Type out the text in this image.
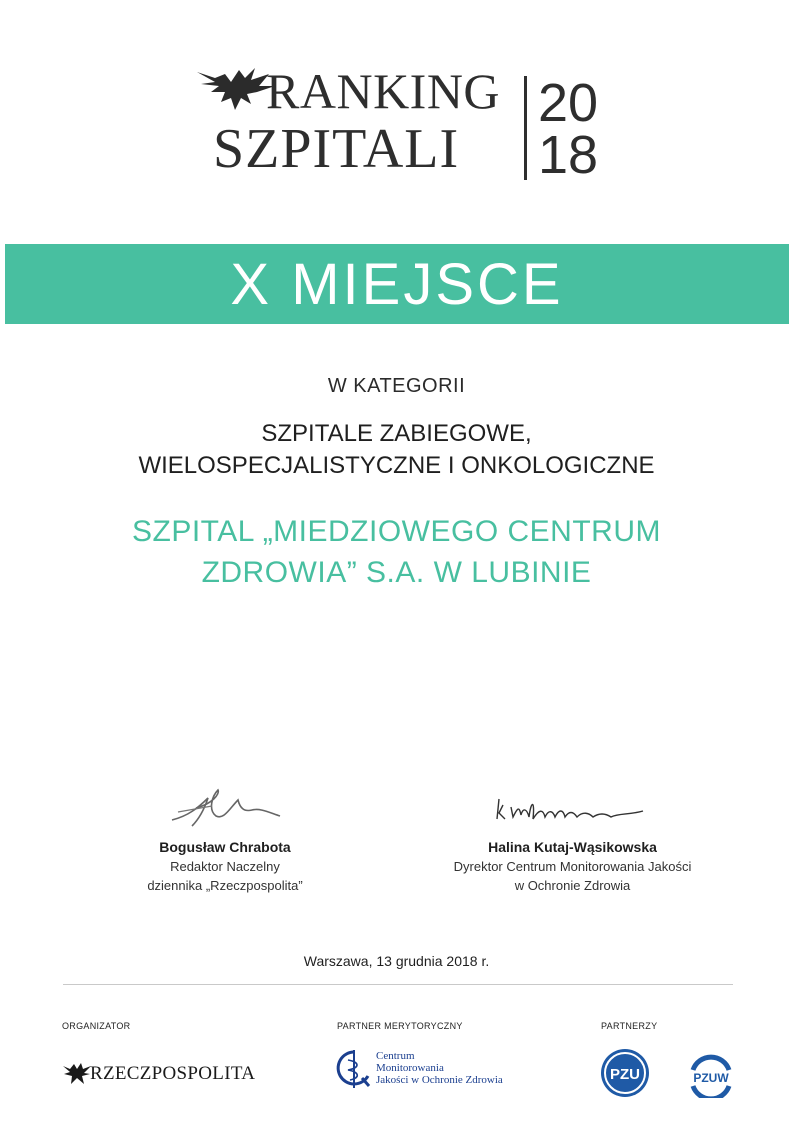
RANKING
SZPITALI
20
18
X MIEJSCE
W KATEGORII
SZPITALE ZABIEGOWE,
WIELOSPECJALISTYCZNE I ONKOLOGICZNE
SZPITAL „MIEDZIOWEGO CENTRUM
ZDROWIA” S.A. W LUBINIE
Bogusław Chrabota
Redaktor Naczelny
dziennika „Rzeczpospolita”
Halina Kutaj-Wąsikowska
Dyrektor Centrum Monitorowania Jakości
w Ochronie Zdrowia
Warszawa, 13 grudnia 2018 r.
ORGANIZATOR	PARTNER MERYTORYCZNY	PARTNERZY
RZECZPOSPOLITA
Centrum
Monitorowania
Jakości w Ochronie Zdrowia	PZU	PZUW
